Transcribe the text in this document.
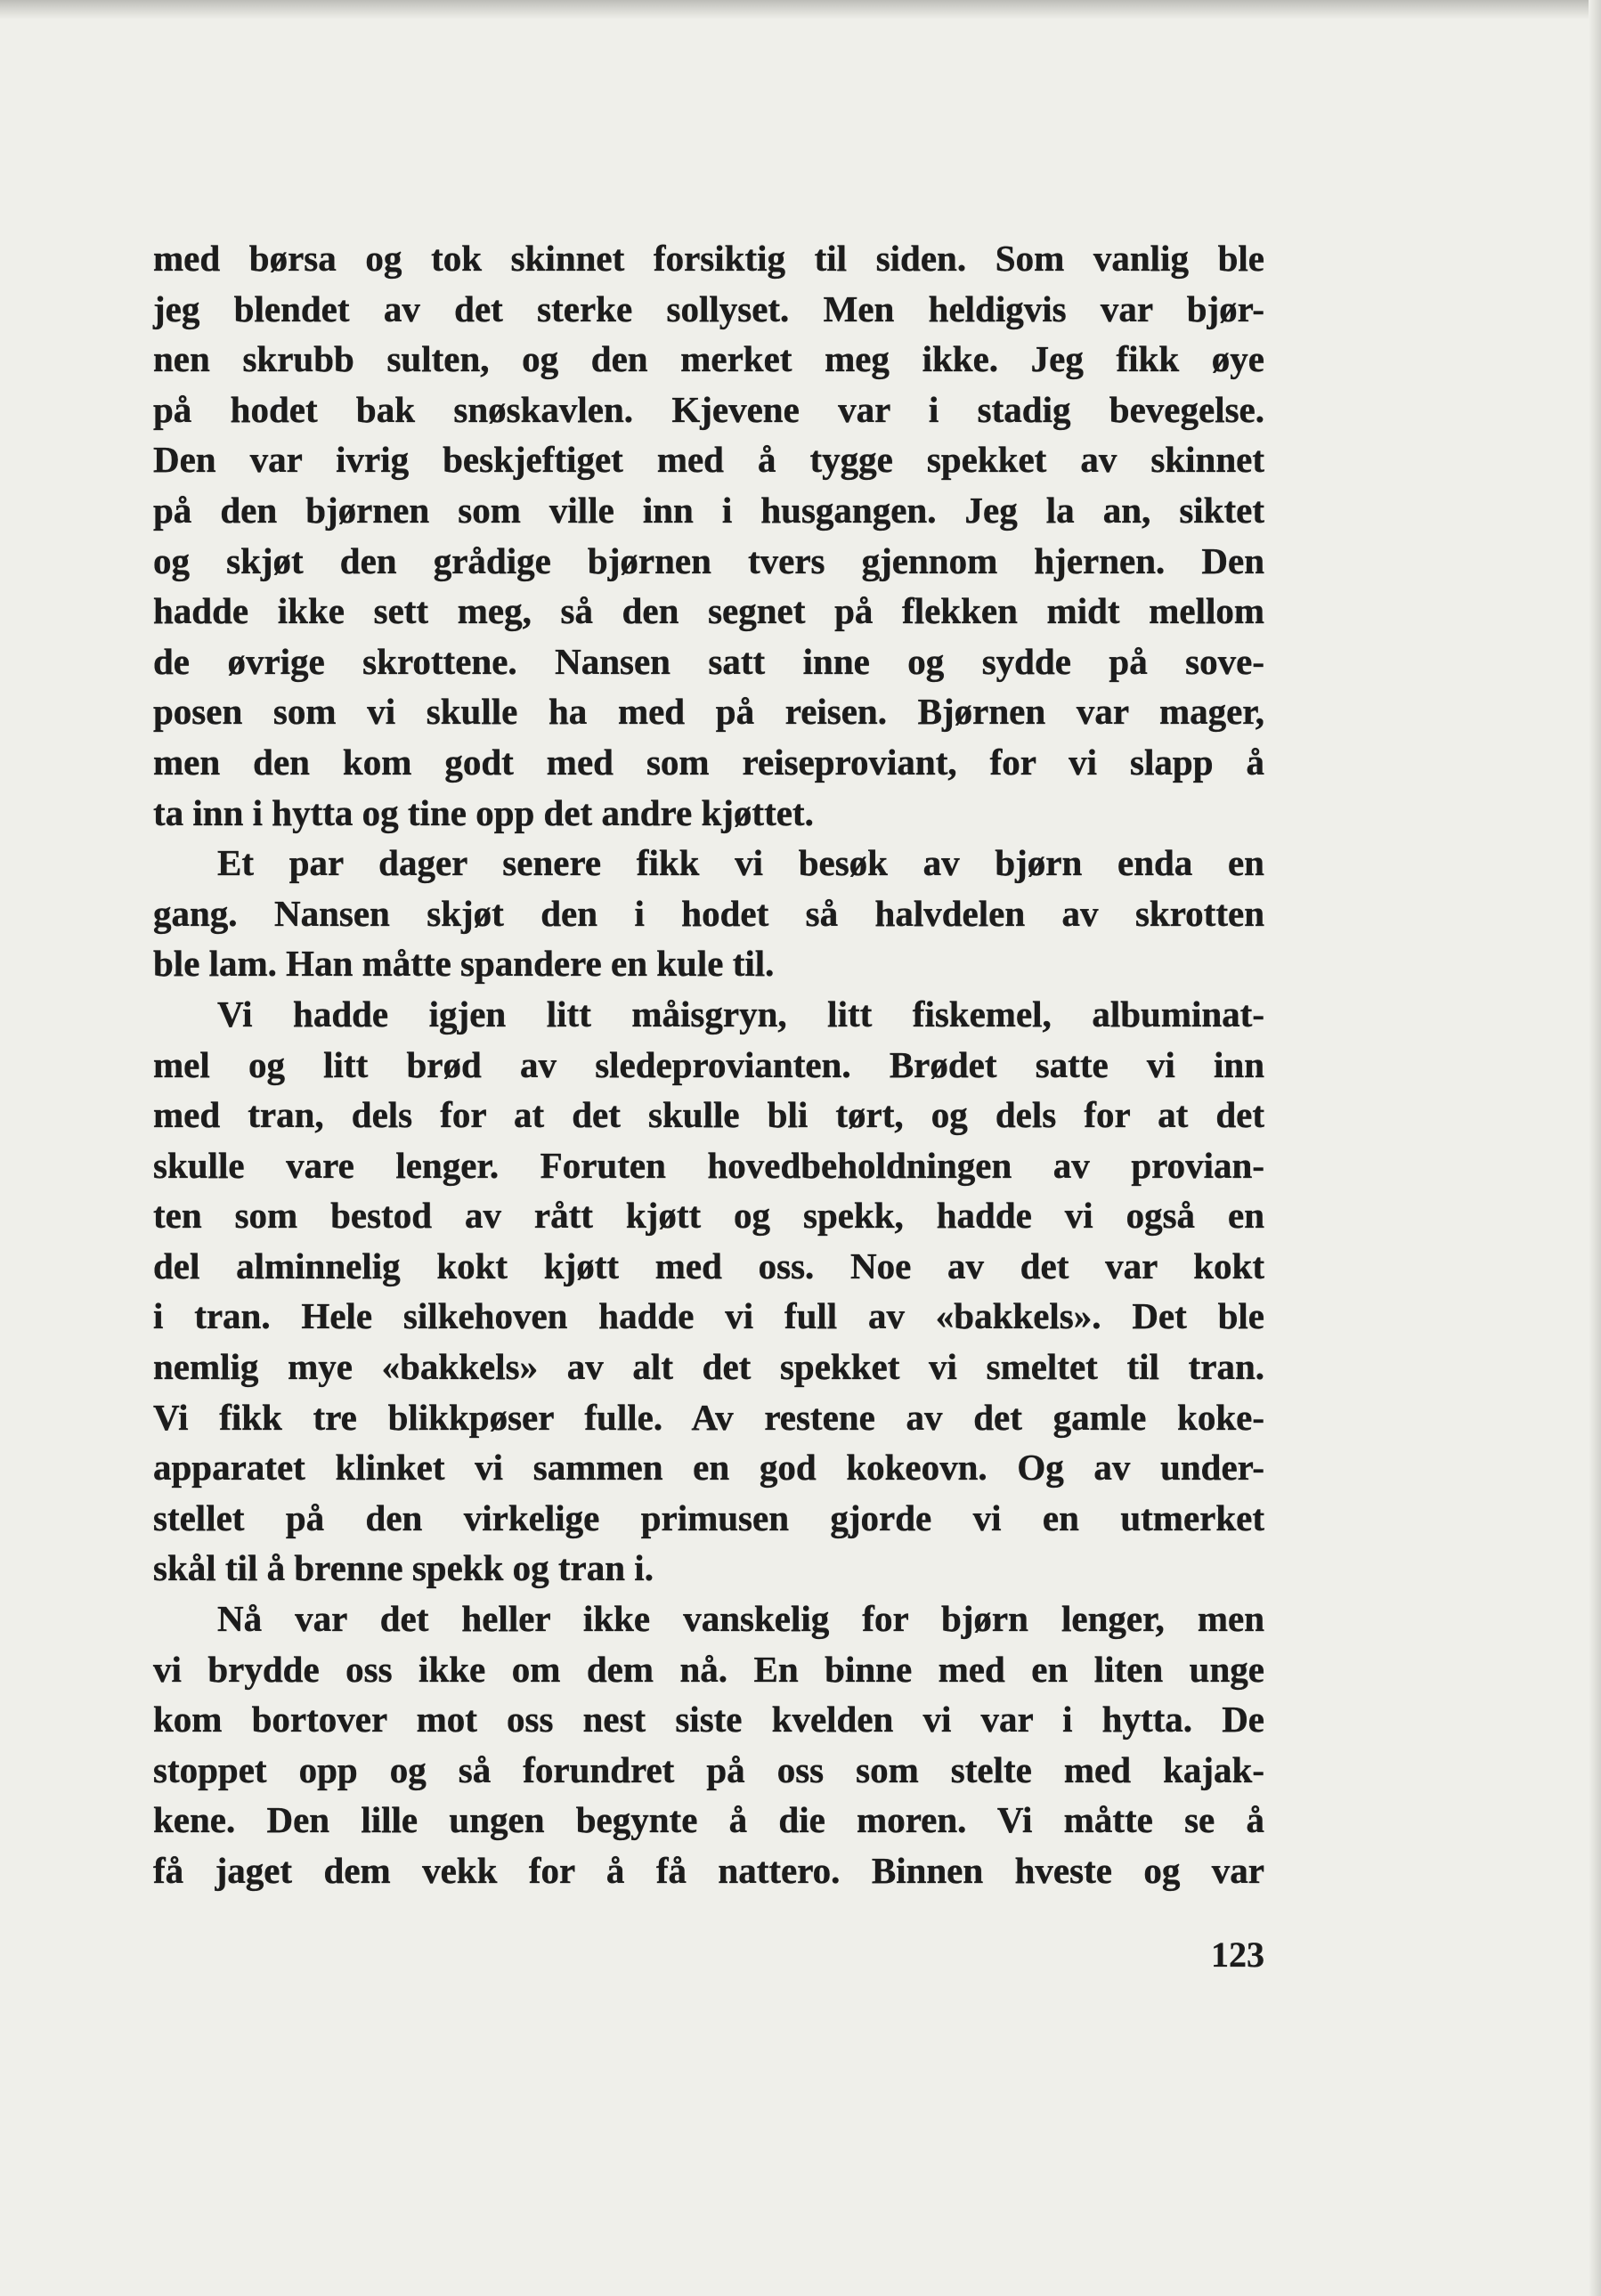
med børsa og tok skinnet forsiktig til siden. Som vanlig ble
jeg blendet av det sterke sollyset. Men heldigvis var bjør-
nen skrubb sulten, og den merket meg ikke. Jeg fikk øye
på hodet bak snøskavlen. Kjevene var i stadig bevegelse.
Den var ivrig beskjeftiget med å tygge spekket av skinnet
på den bjørnen som ville inn i husgangen. Jeg la an, siktet
og skjøt den grådige bjørnen tvers gjennom hjernen. Den
hadde ikke sett meg, så den segnet på flekken midt mellom
de øvrige skrottene. Nansen satt inne og sydde på sove-
posen som vi skulle ha med på reisen. Bjørnen var mager,
men den kom godt med som reiseproviant, for vi slapp å
ta inn i hytta og tine opp det andre kjøttet.
Et par dager senere fikk vi besøk av bjørn enda en
gang. Nansen skjøt den i hodet så halvdelen av skrotten
ble lam. Han måtte spandere en kule til.
Vi hadde igjen litt måisgryn, litt fiskemel, albuminat-
mel og litt brød av sledeprovianten. Brødet satte vi inn
med tran, dels for at det skulle bli tørt, og dels for at det
skulle vare lenger. Foruten hovedbeholdningen av provian-
ten som bestod av rått kjøtt og spekk, hadde vi også en
del alminnelig kokt kjøtt med oss. Noe av det var kokt
i tran. Hele silkehoven hadde vi full av «bakkels». Det ble
nemlig mye «bakkels» av alt det spekket vi smeltet til tran.
Vi fikk tre blikkpøser fulle. Av restene av det gamle koke-
apparatet klinket vi sammen en god kokeovn. Og av under-
stellet på den virkelige primusen gjorde vi en utmerket
skål til å brenne spekk og tran i.
Nå var det heller ikke vanskelig for bjørn lenger, men
vi brydde oss ikke om dem nå. En binne med en liten unge
kom bortover mot oss nest siste kvelden vi var i hytta. De
stoppet opp og så forundret på oss som stelte med kajak-
kene. Den lille ungen begynte å die moren. Vi måtte se å
få jaget dem vekk for å få nattero. Binnen hveste og var
123
